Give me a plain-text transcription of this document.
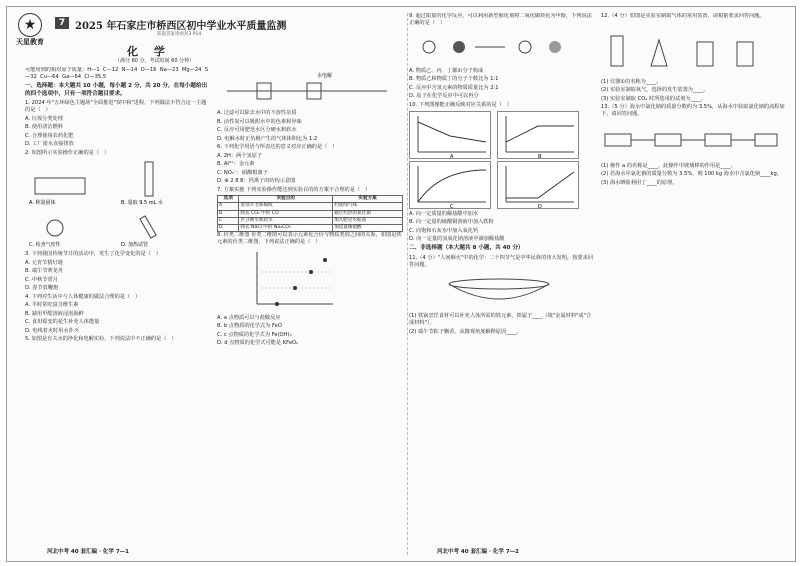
★
天星教育
7 2025 年石家庄市桥西区初中学业水平质量监测
获取答案请看封3 P14
化 学
（满分 60 分，考试时间 60 分钟）

可能用到的相对原子质量：H—1  C—12  N—14  O—16  Na—23  Mg—24  S—32  Cu—64  Ga—64  Cl—35.5

一、选择题：本大题共 10 小题，每小题 2 分，共 20 分，在每小题给出的四个选项中，只有一项符合题目要求。

1. 2024 年"五环绿色主题场"全面推进"双中和"进程，下列做法不符合这一主题的是（   ）

A. 垃圾分类处理

B. 使用清洁燃料

C. 合理使用农药化肥

D. 工厂废水直接排放

2. 如图所示实验操作正确的是（   ）

A. 称量固体	B. 量取 9.5 mL 水
C. 检查气密性	D. 加热试管

3. 下列我国传统节日的活动中，发生了化学变化的是（   ）

A. 元宵节猜灯谜

B. 端午节赛龙舟

C. 中秋节赏月

D. 春节放鞭炮

4. 下列对生活中与人体健康的做法合理的是（   ）

A. 平时常吃富含维生素

B. 缺用甲醛溶液浸泡海鲜

C. 食用霉变的花生补充人体能量

D. 电线着火时用水扑灭

5. 如图是有关水的净化和电解实验，下列说法中不正确的是（   ）

水电解

A. 过滤可以除去水中的不溶性杂质

B. 活性炭可以吸附水中的色素和异味

C. 反应可用肥皂水区分硬水和软水

D. 电解水时正负极产生的气体体积比为 1:2

6. 下列化学用语与所表达的意义对应正确的是（   ）

A. 2H：两个氢原子

B. Al³⁺：金元素

C. NO₃⁻：硝酸根离子

D. ⊕ 2 8 8：钙离子的结构示意图

7. 方案实施 下列实验操作能达到实验目的的方案不合理的是（   ）

选项	实验目的	实验方案
A	鉴别羊毛和棉线	灼烧闻气味
B	除去 CO₂ 中的 CO	通过灼热的氧化铜
C	区分硬水和软水	加入肥皂水振荡
D	除去 NaCl 中的 Na₂CO₃	加适量稀硫酸

8. 价类二维图 价类二维图可以表示元素化合价与物质类别之间的关系，如图是铁元素的价类二维图，下列说法正确的是（   ）

A. a 点物质可以与盐酸反应

B. b 点物质的化学式为 FeO

C. c 点物质的化学式为 Fe(OH)₃

D. d 点物质的化学式可能是 KFeO₂

9. 超过限量的化学反应，可以利用新型催化剂将二氧化碳转化为甲醇，下列说法正确的是（   ）

A. 物质乙、丙、丁都由分子构成

B. 物质乙和物质丁的分子个数比为 1:1

C. 反应中含氢元素的物质质量比为 2:1

D. 原子在化学反应中可以再分

10. 下列图像能正确反映对应关系的是（   ）

A	B
C	D

A. 向一定质量的稀盐酸中加水

B. 向一定量的硫酸铜溶液中加入铁粉

C. 向饱和石灰水中加入氧化钙

D. 向一定量的氢氧化钠溶液中滴加稀盐酸

二、非选择题（本大题共 8 小题，共 40 分）

11.（4 分）"人间烟火"中的化学：二十四节气是中华民族的伟大发明，按要求回答问题。

(1) 铁锅烹饪食材可以补充人体所需的铁元素，铁属于____（填"金属材料"或"合成材料"）。

(2) 端午节粽子飘香，从微观角度解释原因____。

12.（4 分）如图是实验室制取气体的常用装置，请根据要求回答问题。

(1) 仪器①的名称为____。

(2) 实验室制取氧气，选择的发生装置为____。

(3) 实验室制取 CO₂ 时所选用的试剂为____。

13.（5 分）海水中氯化钠的质量分数约为 3.5%，从海水中获取氯化钠的流程如下，请回答问题。

(1) 操作 a 的名称是____，此操作中玻璃棒的作用是____。

(2) 若海水中氯化钠的质量分数为 3.5%，则 100 kg 海水中含氯化钠____kg。

(3) 海水晒盐利用了____的原理。

河北中考 40 套汇编 · 化学 7—1	河北中考 40 套汇编 · 化学 7—2
